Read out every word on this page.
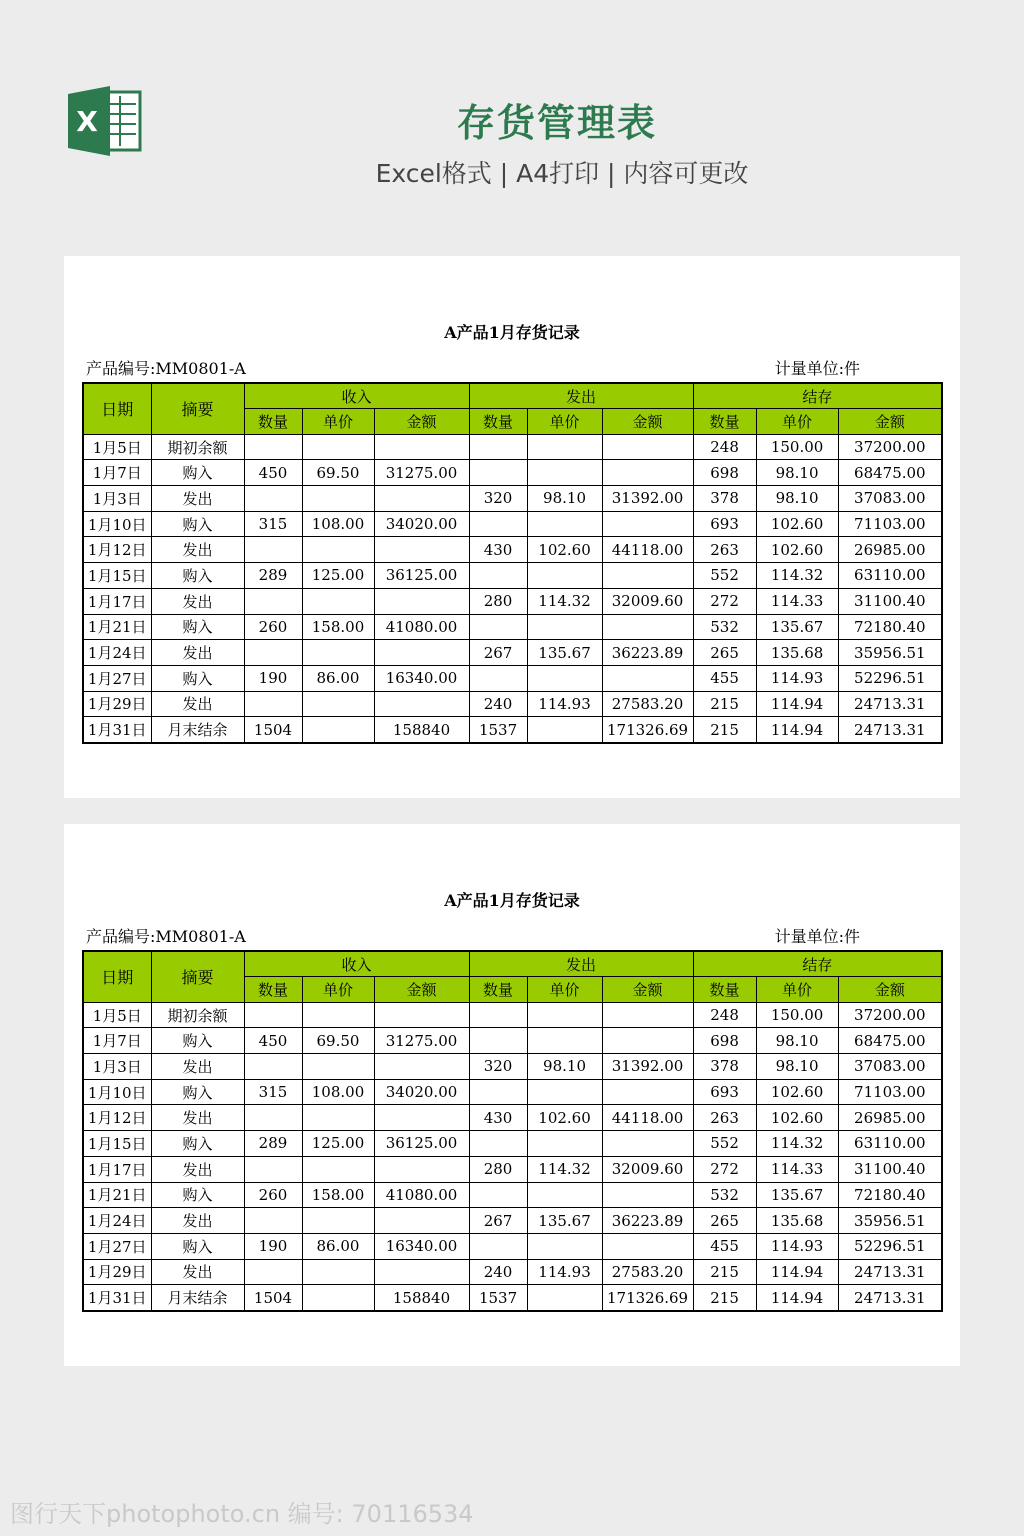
X	存货管理表
Excel格式 | A4打印 | 内容可更改
A产品1月存货记录
产品编号:MM0801-A	计量单位:件
日期	摘要	收入			发出			结存		
		数量	单价	金额	数量	单价	金额	数量	单价	金额
1月5日	期初余额							248	150.00	37200.00
1月7日	购入	450	69.50	31275.00				698	98.10	68475.00
1月3日	发出				320	98.10	31392.00	378	98.10	37083.00
1月10日	购入	315	108.00	34020.00				693	102.60	71103.00
1月12日	发出				430	102.60	44118.00	263	102.60	26985.00
1月15日	购入	289	125.00	36125.00				552	114.32	63110.00
1月17日	发出				280	114.32	32009.60	272	114.33	31100.40
1月21日	购入	260	158.00	41080.00				532	135.67	72180.40
1月24日	发出				267	135.67	36223.89	265	135.68	35956.51
1月27日	购入	190	86.00	16340.00				455	114.93	52296.51
1月29日	发出				240	114.93	27583.20	215	114.94	24713.31
1月31日	月末结余	1504		158840	1537		171326.69	215	114.94	24713.31
A产品1月存货记录
产品编号:MM0801-A	计量单位:件
日期	摘要	收入			发出			结存		
		数量	单价	金额	数量	单价	金额	数量	单价	金额
1月5日	期初余额							248	150.00	37200.00
1月7日	购入	450	69.50	31275.00				698	98.10	68475.00
1月3日	发出				320	98.10	31392.00	378	98.10	37083.00
1月10日	购入	315	108.00	34020.00				693	102.60	71103.00
1月12日	发出				430	102.60	44118.00	263	102.60	26985.00
1月15日	购入	289	125.00	36125.00				552	114.32	63110.00
1月17日	发出				280	114.32	32009.60	272	114.33	31100.40
1月21日	购入	260	158.00	41080.00				532	135.67	72180.40
1月24日	发出				267	135.67	36223.89	265	135.68	35956.51
1月27日	购入	190	86.00	16340.00				455	114.93	52296.51
1月29日	发出				240	114.93	27583.20	215	114.94	24713.31
1月31日	月末结余	1504		158840	1537		171326.69	215	114.94	24713.31
图行天下photophoto.cn 编号: 70116534
